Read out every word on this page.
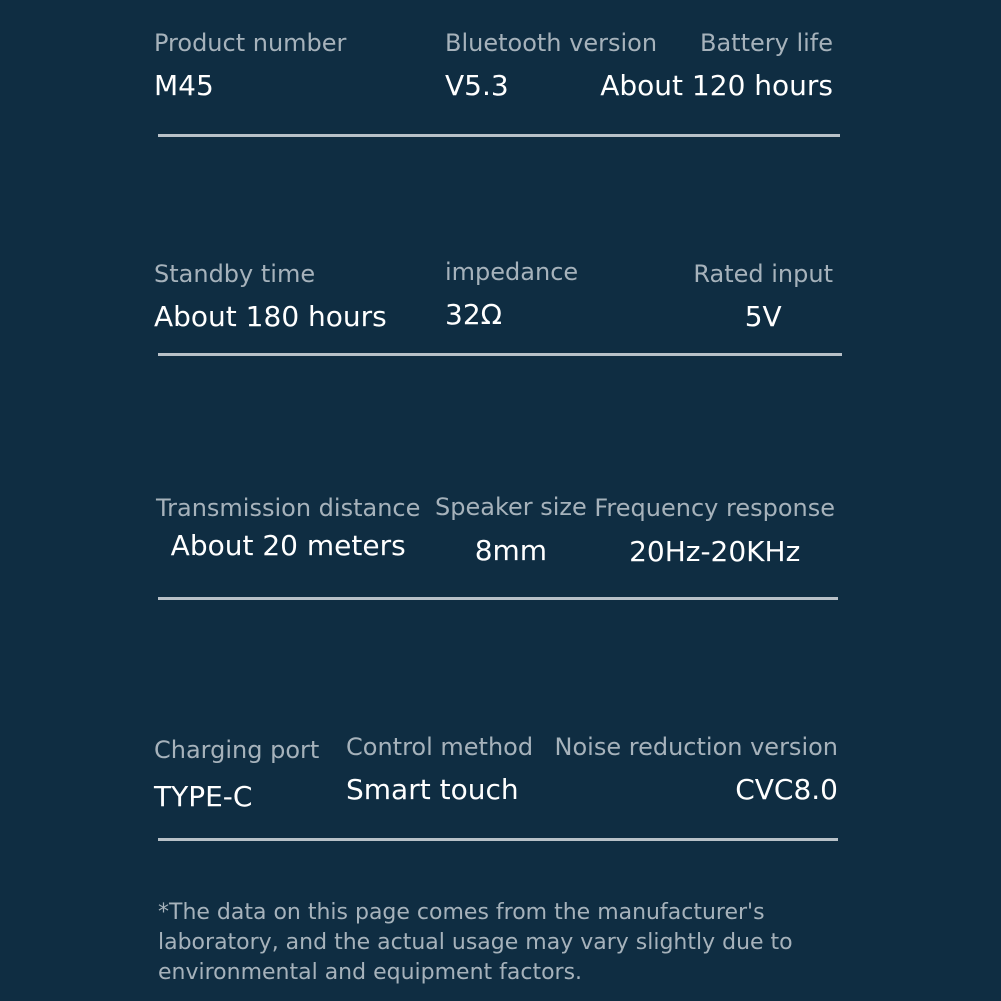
Product number
M45
Bluetooth version
V5.3
Battery life
About 120 hours
Standby time
About 180 hours
impedance
32Ω
Rated input
5V
Transmission distance
About 20 meters
Speaker size
8mm
Frequency response
20Hz-20KHz
Charging port
TYPE-C
Control method
Smart touch
Noise reduction version
CVC8.0
*The data on this page comes from the manufacturer's laboratory, and the actual usage may vary slightly due to environmental and equipment factors.
